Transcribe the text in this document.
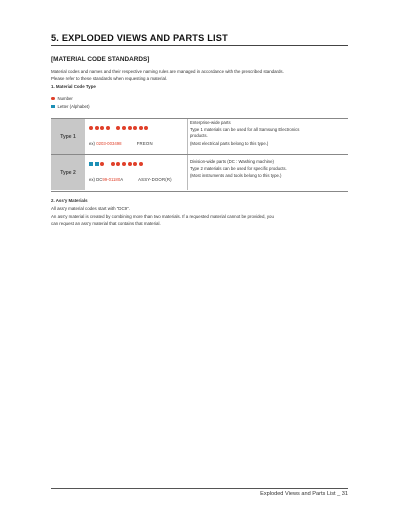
5. EXPLODED VIEWS AND PARTS LIST
[MATERIAL CODE STANDARDS]
Material codes and names and their respective naming rules are managed in accordance with the prescribed standards.
Please refer to these standards when requesting a material.
1. Material Code Type
Number
Letter (Alphabet)
Type 1
ex) 0203-003498	FREON
Enterprise-wide parts
Type 1 materials can be used for all Samsung Electronics
products.
(Most electrical parts belong to this type.)
Type 2
ex) DC99-01180A	ASSY-DOOR(R)
Division-wide parts (DC : Washing machine)
Type 2 materials can be used for specific products.
(Most instruments and tools belong to this type.)
2. Ass'y Materials
All ass'y material codes start with "DC9".
An ass'y material is created by combining more than two materials. If a requested material cannot be provided, you
can request an ass'y material that contains that material.
Exploded Views and Parts List _ 31
